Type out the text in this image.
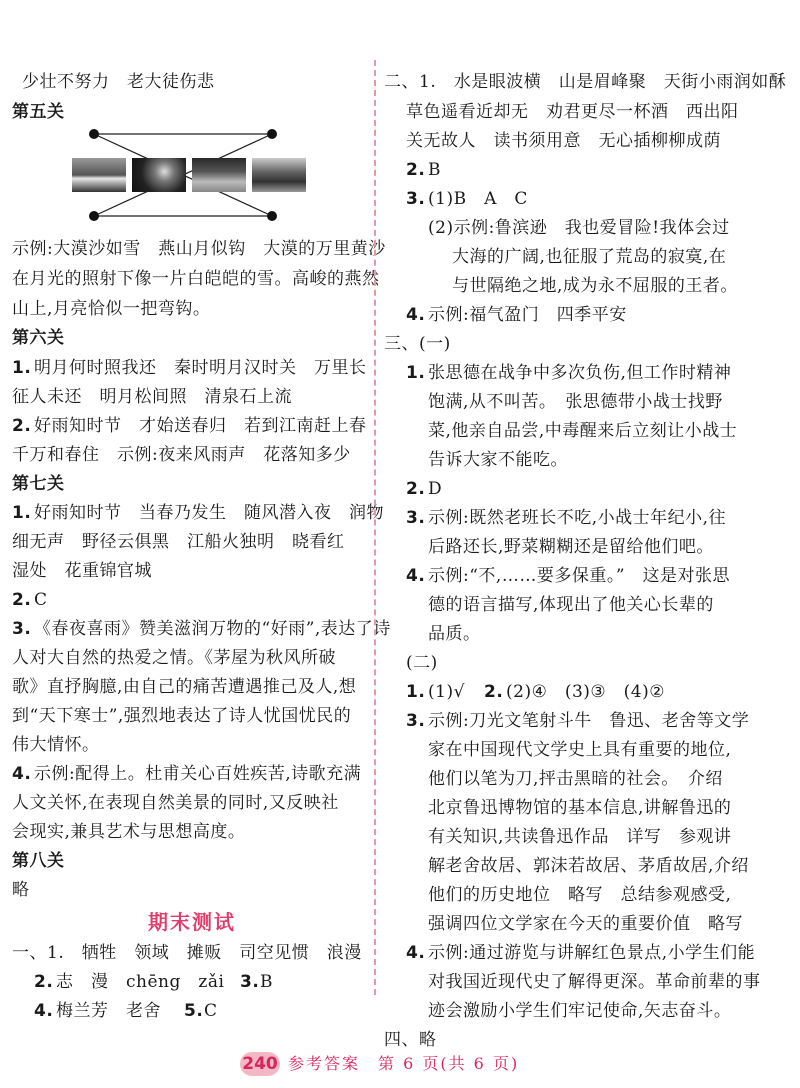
少壮不努力　老大徒伤悲
第五关
示例:大漠沙如雪　燕山月似钩　大漠的万里黄沙
在月光的照射下像一片白皑皑的雪。高峻的燕然
山上,月亮恰似一把弯钩。
第六关
1. 明月何时照我还　秦时明月汉时关　万里长
征人未还　明月松间照　清泉石上流
2. 好雨知时节　才始送春归　若到江南赶上春
千万和春住　示例:夜来风雨声　花落知多少
第七关
1. 好雨知时节　当春乃发生　随风潜入夜　润物
细无声　野径云俱黑　江船火独明　晓看红
湿处　花重锦官城
2. C
3. 《春夜喜雨》赞美滋润万物的“好雨”,表达了诗
人对大自然的热爱之情。《茅屋为秋风所破
歌》直抒胸臆,由自己的痛苦遭遇推己及人,想
到“天下寒士”,强烈地表达了诗人忧国忧民的
伟大情怀。
4. 示例:配得上。杜甫关心百姓疾苦,诗歌充满
人文关怀,在表现自然美景的同时,又反映社
会现实,兼具艺术与思想高度。
第八关
略
期末测试
一、1.　牺牲　领域　摊贩　司空见惯　浪漫
2. 志　漫　chēng　zǎi 3. B
4. 梅兰芳　老舍 5. C
二、1.　水是眼波横　山是眉峰聚　天街小雨润如酥
草色遥看近却无　劝君更尽一杯酒　西出阳
关无故人　读书须用意　无心插柳柳成荫
2. B
3. (1)B　A　C
(2)示例:鲁滨逊　我也爱冒险!我体会过
大海的广阔,也征服了荒岛的寂寞,在
与世隔绝之地,成为永不屈服的王者。
4. 示例:福气盈门　四季平安
三、(一)
1. 张思德在战争中多次负伤,但工作时精神
饱满,从不叫苦。　张思德带小战士找野
菜,他亲自品尝,中毒醒来后立刻让小战士
告诉大家不能吃。
2. D
3. 示例:既然老班长不吃,小战士年纪小,往
后路还长,野菜糊糊还是留给他们吧。
4. 示例:“不,……要多保重。”　这是对张思
德的语言描写,体现出了他关心长辈的
品质。
(二)
1. (1)√ 2. (2)④　(3)③　(4)②
3. 示例:刀光文笔射斗牛　鲁迅、老舍等文学
家在中国现代文学史上具有重要的地位,
他们以笔为刀,抨击黑暗的社会。　介绍
北京鲁迅博物馆的基本信息,讲解鲁迅的
有关知识,共读鲁迅作品　详写　参观讲
解老舍故居、郭沫若故居、茅盾故居,介绍
他们的历史地位　略写　总结参观感受,
强调四位文学家在今天的重要价值　略写
4. 示例:通过游览与讲解红色景点,小学生们能
对我国近现代史了解得更深。革命前辈的事
迹会激励小学生们牢记使命,矢志奋斗。
四、略
240 参考答案　第 6 页(共 6 页)
